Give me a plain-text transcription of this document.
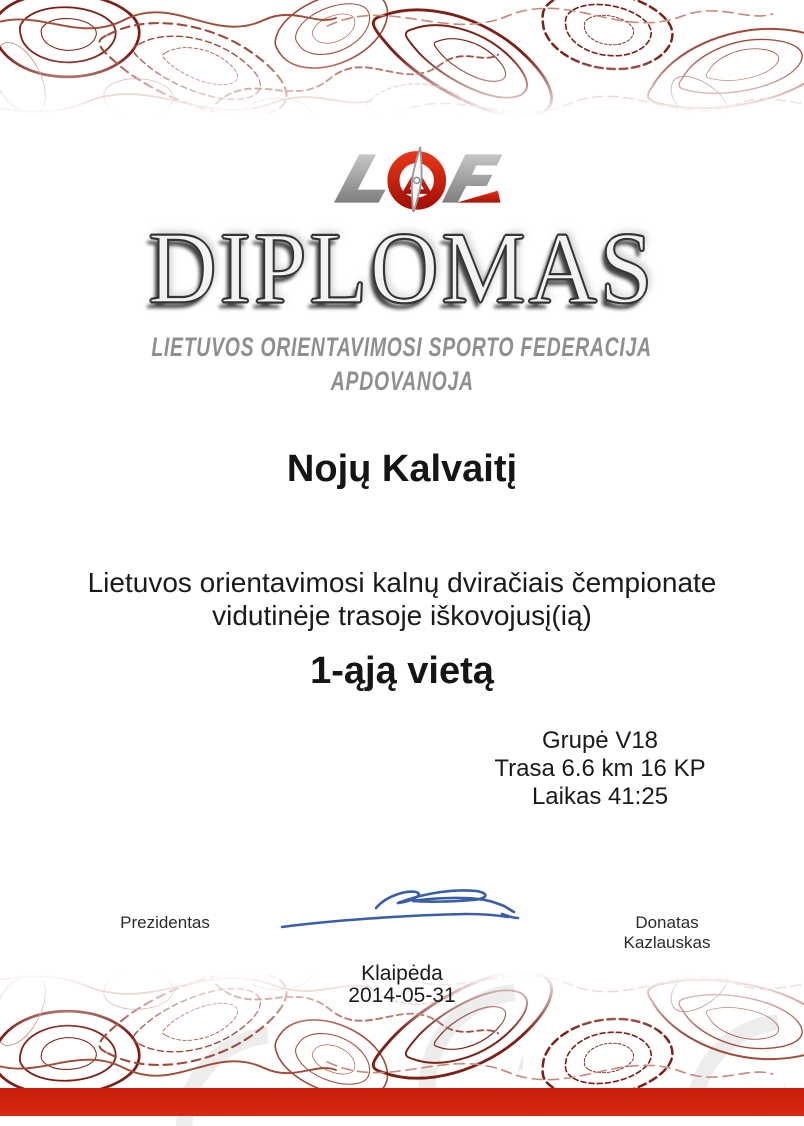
DIPLOMAS
LIETUVOS ORIENTAVIMOSI SPORTO FEDERACIJA
APDOVANOJA
Nojų Kalvaitį
Lietuvos orientavimosi kalnų dviračiais čempionate
vidutinėje trasoje iškovojusį(ią)
1-ąją vietą
Grupė V18
Trasa 6.6 km 16 KP
Laikas 41:25
Prezidentas	Donatas Kazlauskas
Klaipėda
2014-05-31
